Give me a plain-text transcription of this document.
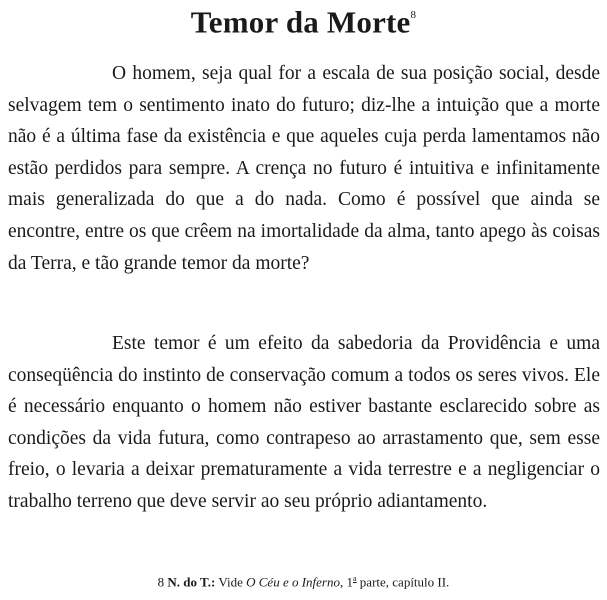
Temor da Morte$^8$

O homem, seja qual for a escala de sua posição social, desde selvagem tem o sentimento inato do futuro; diz-lhe a intuição que a morte não é a última fase da existência e que aqueles cuja perda lamentamos não estão perdidos para sempre. A crença no futuro é intuitiva e infinitamente mais generalizada do que a do nada. Como é possível que ainda se encontre, entre os que crêem na imortalidade da alma, tanto apego às coisas da Terra, e tão grande temor da morte?

Este temor é um efeito da sabedoria da Providência e uma conseqüência do instinto de conservação comum a todos os seres vivos. Ele é necessário enquanto o homem não estiver bastante esclarecido sobre as condições da vida futura, como contrapeso ao arrastamento que, sem esse freio, o levaria a deixar prematuramente a vida terrestre e a negligenciar o trabalho terreno que deve servir ao seu próprio adiantamento.

8 N. do T.: Vide O Céu e o Inferno, 1$^a$ parte, capítulo II.
